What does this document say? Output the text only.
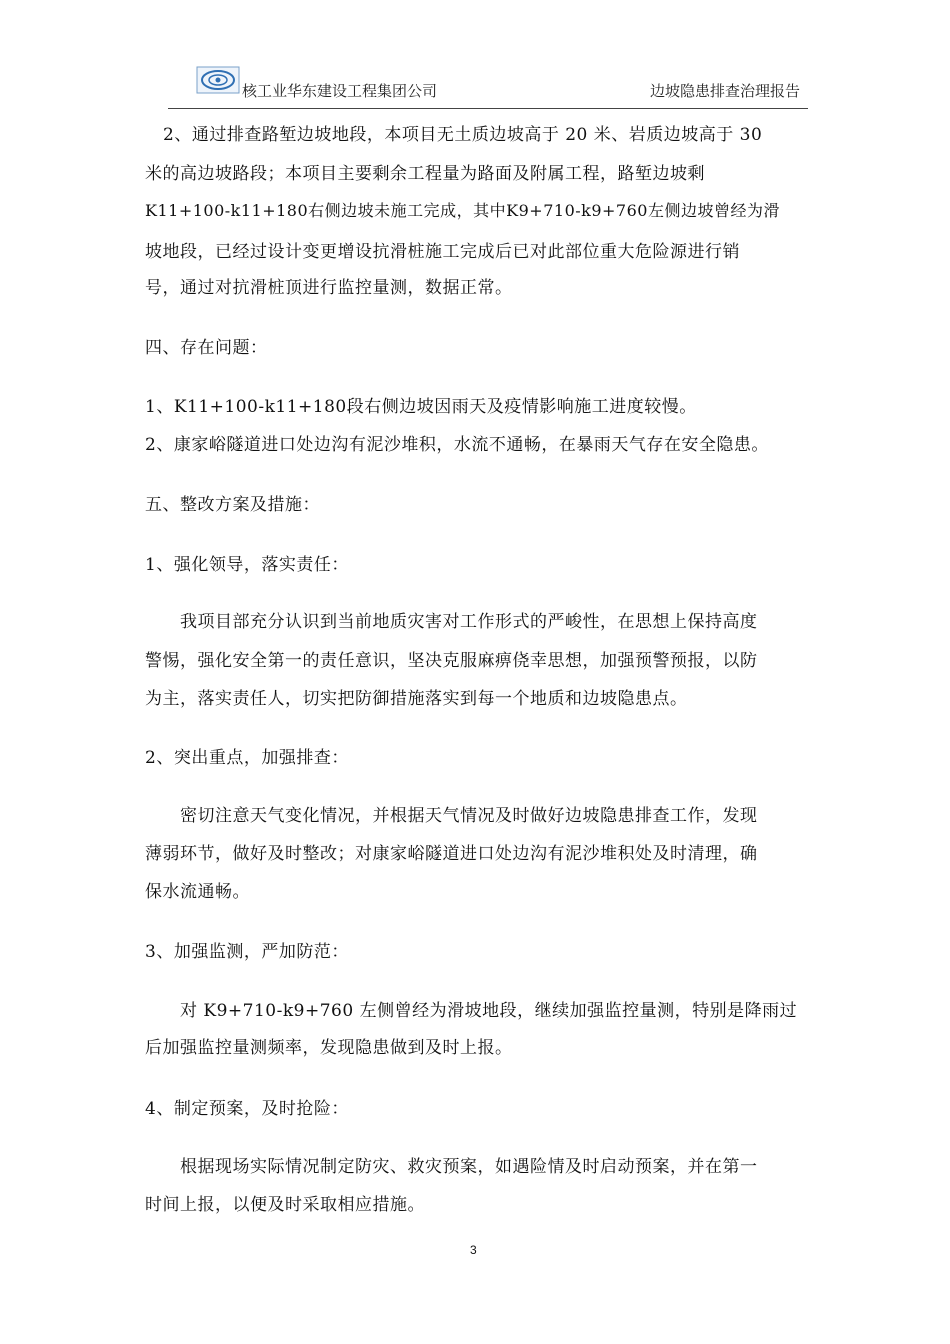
核工业华东建设工程集团公司	边坡隐患排查治理报告
2、通过排查路堑边坡地段，本项目无土质边坡高于 20 米、岩质边坡高于 30
米的高边坡路段；本项目主要剩余工程量为路面及附属工程，路堑边坡剩
K11+100-k11+180右侧边坡未施工完成，其中K9+710-k9+760左侧边坡曾经为滑
坡地段，已经过设计变更增设抗滑桩施工完成后已对此部位重大危险源进行销
号，通过对抗滑桩顶进行监控量测，数据正常。
四、存在问题：
1、K11+100-k11+180段右侧边坡因雨天及疫情影响施工进度较慢。
2、康家峪隧道进口处边沟有泥沙堆积，水流不通畅，在暴雨天气存在安全隐患。
五、整改方案及措施：
1、强化领导，落实责任：
我项目部充分认识到当前地质灾害对工作形式的严峻性，在思想上保持高度
警惕，强化安全第一的责任意识，坚决克服麻痹侥幸思想，加强预警预报，以防
为主，落实责任人，切实把防御措施落实到每一个地质和边坡隐患点。
2、突出重点，加强排查：
密切注意天气变化情况，并根据天气情况及时做好边坡隐患排查工作，发现
薄弱环节，做好及时整改；对康家峪隧道进口处边沟有泥沙堆积处及时清理，确
保水流通畅。
3、加强监测，严加防范：
对 K9+710-k9+760 左侧曾经为滑坡地段，继续加强监控量测，特别是降雨过
后加强监控量测频率，发现隐患做到及时上报。
4、制定预案，及时抢险：
根据现场实际情况制定防灾、救灾预案，如遇险情及时启动预案，并在第一
时间上报，以便及时采取相应措施。
3
